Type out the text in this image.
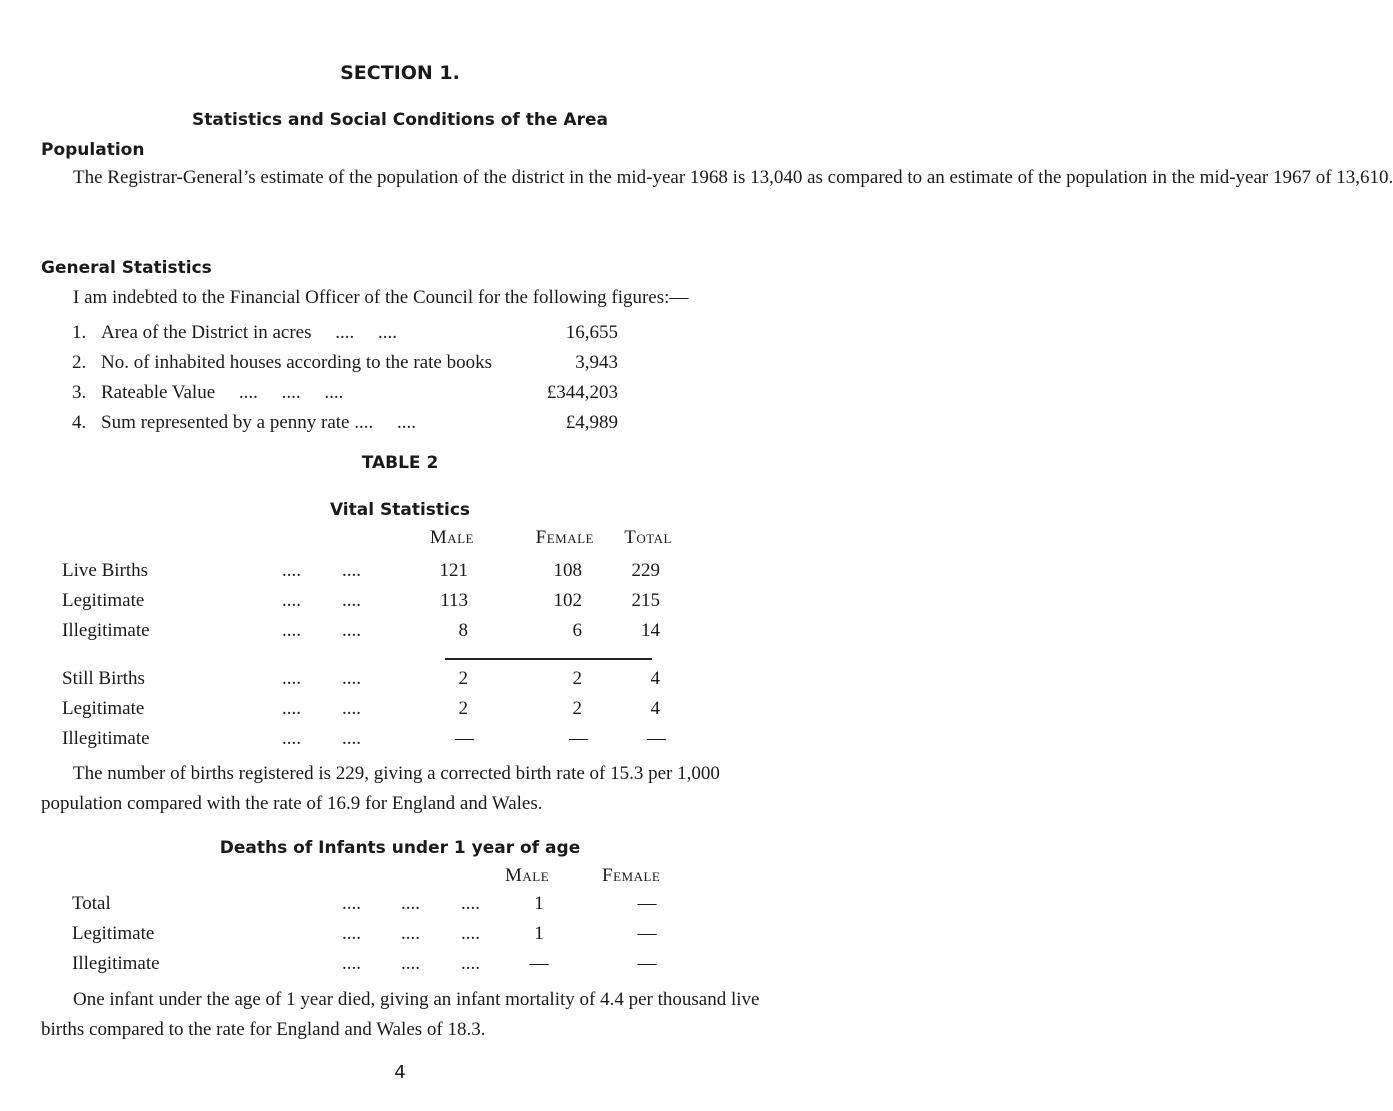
SECTION 1.
Statistics and Social Conditions of the Area
Population

The Registrar-General’s estimate of the population of the district in the mid-year 1968 is 13,040 as compared to an estimate of the population in the mid-year 1967 of 13,610.

General Statistics

I am indebted to the Financial Officer of the Council for the following figures:—

1. Area of the District in acres     ....     ....	16,655
2. No. of inhabited houses according to the rate books	3,943
3. Rateable Value     ....     ....     ....	£344,203
4. Sum represented by a penny rate ....     ....	£4,989
TABLE 2
Vital Statistics
Male	Female Total
Live Births	.... ....	121	108	229
Legitimate	.... ....	113	102	215
Illegitimate	.... ....	8	6	14
Still Births	.... ....	2	2	4
Legitimate	.... ....	2	2	4
Illegitimate	.... ....	—	—	—

The number of births registered is 229, giving a corrected birth rate of 15.3 per 1,000 population compared with the rate of 16.9 for England and Wales.

Deaths of Infants under 1 year of age
Male	Female
Total	.... .... ....	1	—
Legitimate	.... .... ....	1	—
Illegitimate	.... .... ....	—	—

One infant under the age of 1 year died, giving an infant mortality of 4.4 per thousand live births compared to the rate for England and Wales of 18.3.

4
